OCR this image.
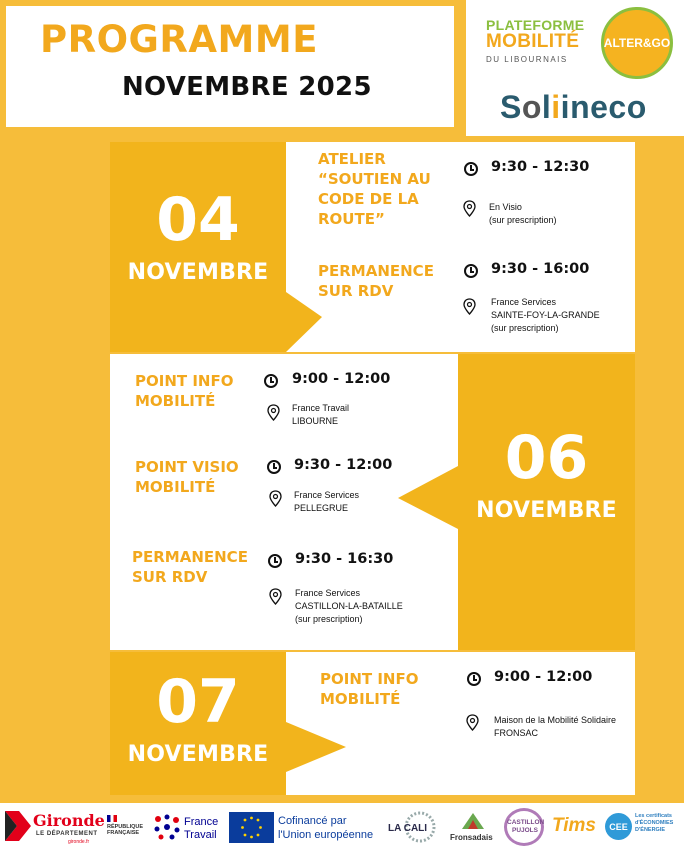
PROGRAMME
NOVEMBRE 2025
PLATEFORME
MOBILITÉ
DU LIBOURNAIS
ALTER&GO
Soliineco
04
NOVEMBRE
ATELIER
“SOUTIEN AU
CODE DE LA
ROUTE”
9:30 - 12:30
En Visio
(sur prescription)
PERMANENCE
SUR RDV
9:30 - 16:00
France Services
SAINTE-FOY-LA-GRANDE
(sur prescription)
06
NOVEMBRE
POINT INFO
MOBILITÉ
9:00 - 12:00
France Travail
LIBOURNE
POINT VISIO
MOBILITÉ
9:30 - 12:00
France Services
PELLEGRUE
PERMANENCE
SUR RDV
9:30 - 16:30
France Services
CASTILLON-LA-BATAILLE
(sur prescription)
07
NOVEMBRE
POINT INFO
MOBILITÉ
9:00 - 12:00
Maison de la Mobilité Solidaire
FRONSAC
Gironde
LE DÉPARTEMENT
gironde.fr
RÉPUBLIQUE FRANÇAISE
France
Travail
Cofinancé par
l'Union européenne
LA CALI
Fronsadais
CASTILLON PUJOLS Tims	CEE
Les certificats d'ÉCONOMIES D'ÉNERGIE
